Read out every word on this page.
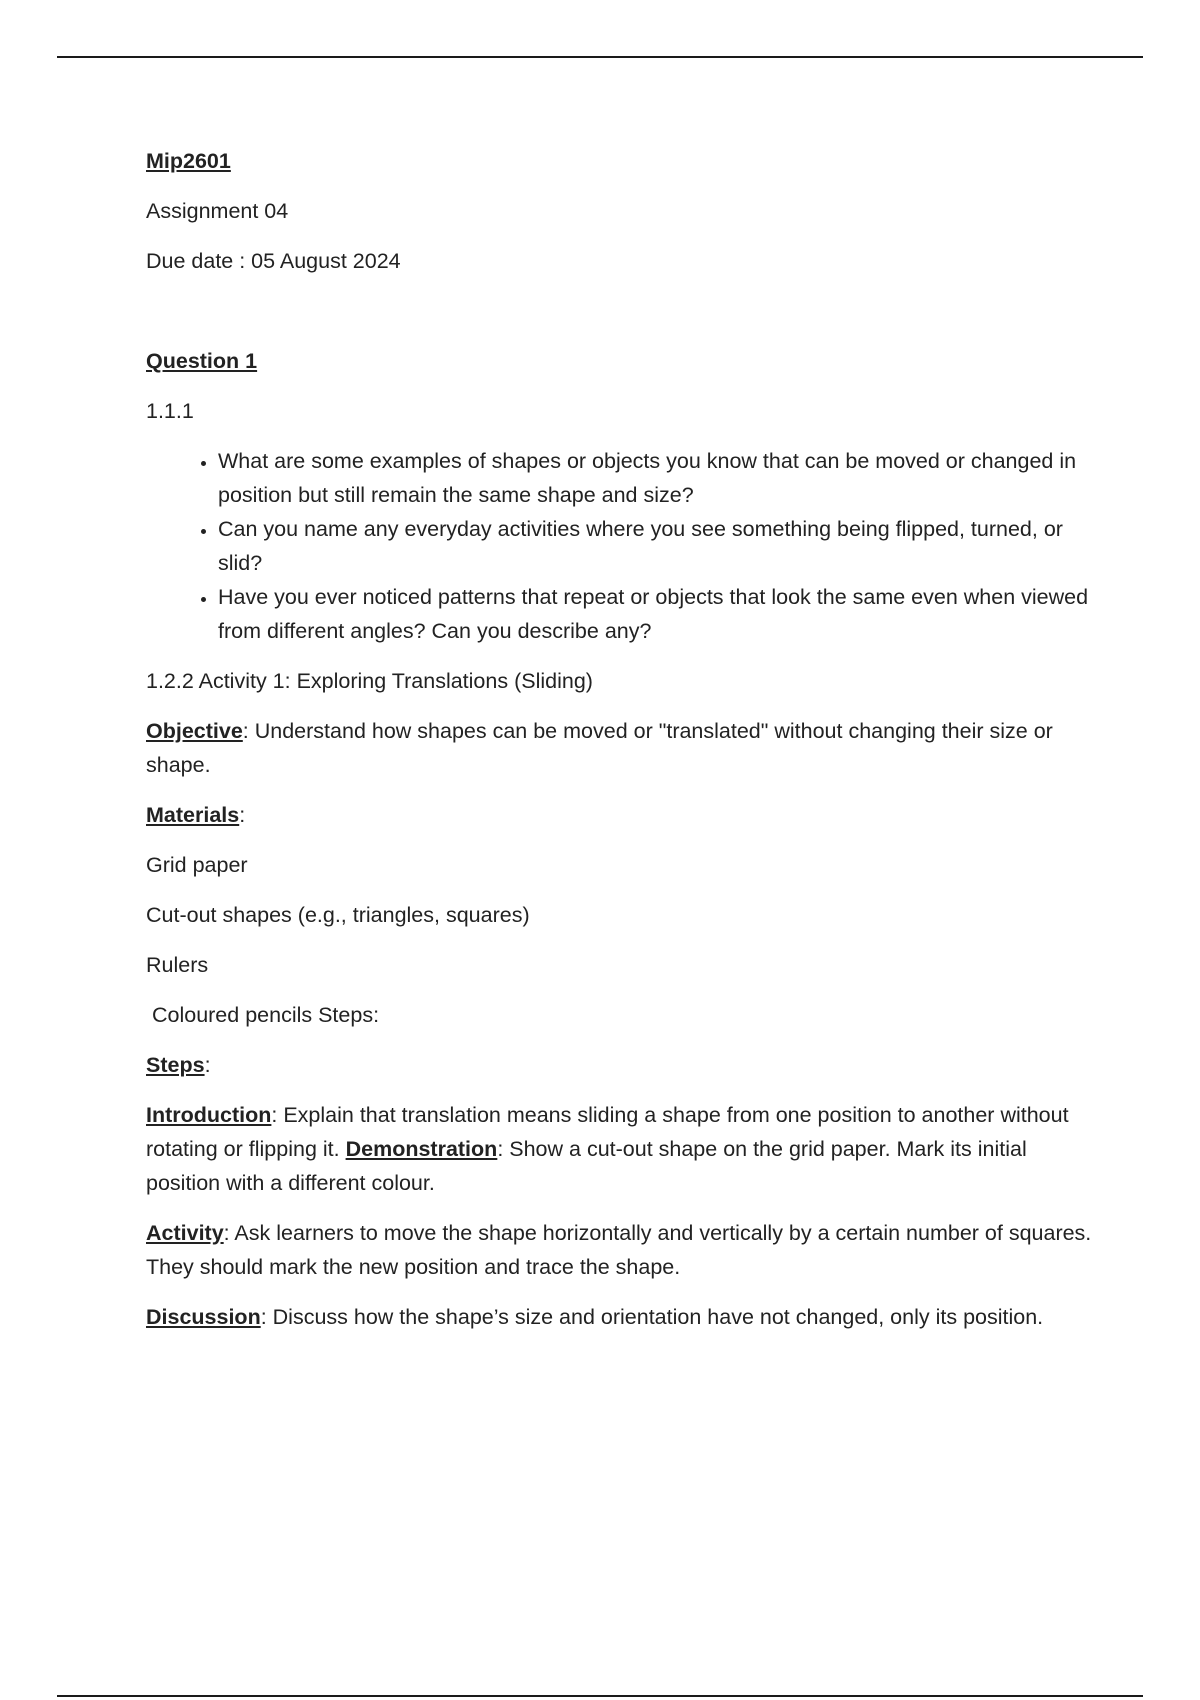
Mip2601

Assignment 04

Due date : 05 August 2024

Question 1

1.1.1

• What are some examples of shapes or objects you know that can be moved or changed in position but still remain the same shape and size?
• Can you name any everyday activities where you see something being flipped, turned, or slid?
• Have you ever noticed patterns that repeat or objects that look the same even when viewed from different angles? Can you describe any?

1.2.2 Activity 1: Exploring Translations (Sliding)

Objective: Understand how shapes can be moved or "translated" without changing their size or shape.

Materials:

Grid paper

Cut-out shapes (e.g., triangles, squares)

Rulers

Coloured pencils Steps:

Steps:

Introduction: Explain that translation means sliding a shape from one position to another without rotating or flipping it. Demonstration: Show a cut-out shape on the grid paper. Mark its initial position with a different colour.

Activity: Ask learners to move the shape horizontally and vertically by a certain number of squares. They should mark the new position and trace the shape.

Discussion: Discuss how the shape’s size and orientation have not changed, only its position.
